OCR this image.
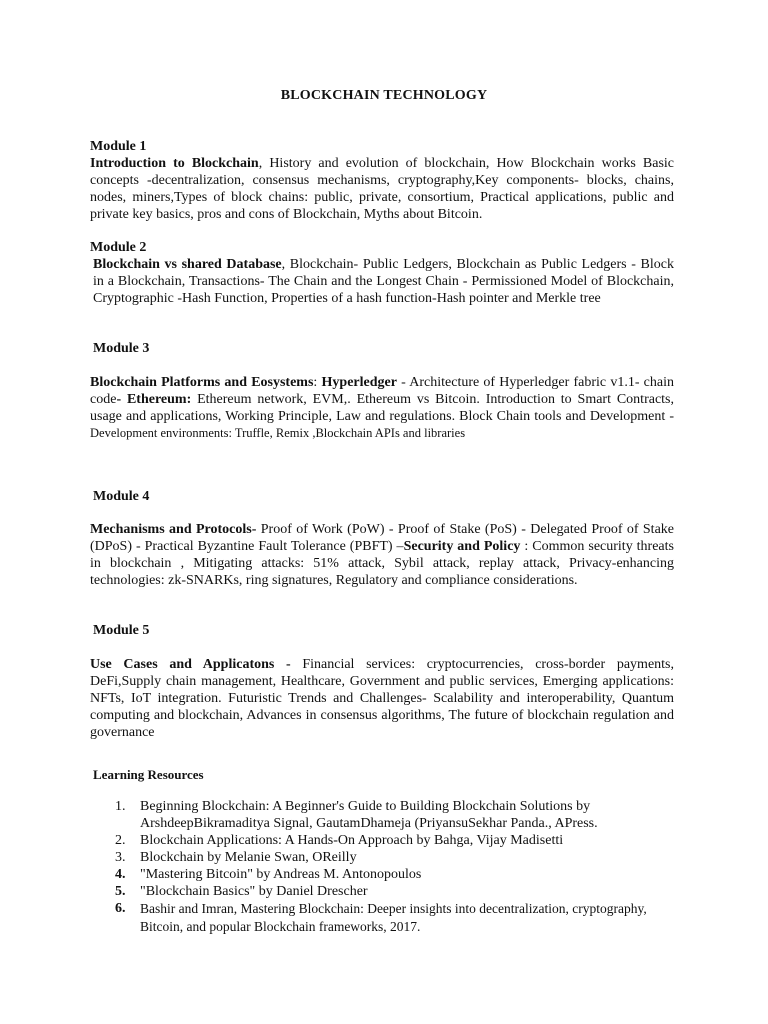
BLOCKCHAIN TECHNOLOGY
Module 1
Introduction to Blockchain, History and evolution of blockchain, How Blockchain works Basic concepts -decentralization, consensus mechanisms, cryptography,Key components- blocks, chains, nodes, miners,Types of block chains: public, private, consortium, Practical applications, public and private key basics, pros and cons of Blockchain, Myths about Bitcoin.
Module 2
Blockchain vs shared Database, Blockchain- Public Ledgers, Blockchain as Public Ledgers - Block in a Blockchain, Transactions- The Chain and the Longest Chain - Permissioned Model of Blockchain, Cryptographic -Hash Function, Properties of a hash function-Hash pointer and Merkle tree
Module 3
Blockchain Platforms and Eosystems: Hyperledger - Architecture of Hyperledger fabric v1.1- chain code- Ethereum: Ethereum network, EVM,. Ethereum vs Bitcoin. Introduction to Smart Contracts, usage and applications, Working Principle, Law and regulations. Block Chain tools and Development - Development environments: Truffle, Remix ,Blockchain APIs and libraries
Module 4
Mechanisms and Protocols- Proof of Work (PoW) - Proof of Stake (PoS) - Delegated Proof of Stake (DPoS) - Practical Byzantine Fault Tolerance (PBFT) –Security and Policy : Common security threats in blockchain , Mitigating attacks: 51% attack, Sybil attack, replay attack, Privacy-enhancing technologies: zk-SNARKs, ring signatures, Regulatory and compliance considerations.
Module 5
Use Cases and Applicatons - Financial services: cryptocurrencies, cross-border payments, DeFi,Supply chain management, Healthcare, Government and public services, Emerging applications: NFTs, IoT integration. Futuristic Trends and Challenges- Scalability and interoperability, Quantum computing and blockchain, Advances in consensus algorithms, The future of blockchain regulation and governance
Learning Resources
1.	Beginning Blockchain: A Beginner's Guide to Building Blockchain Solutions by ArshdeepBikramaditya Signal, GautamDhameja (PriyansuSekhar Panda., APress.
2.	Blockchain Applications: A Hands-On Approach by Bahga, Vijay Madisetti
3.	Blockchain by Melanie Swan, OReilly
4.	"Mastering Bitcoin" by Andreas M. Antonopoulos
5.	"Blockchain Basics" by Daniel Drescher
6.	Bashir and Imran, Mastering Blockchain: Deeper insights into decentralization, cryptography, Bitcoin, and popular Blockchain frameworks, 2017.
